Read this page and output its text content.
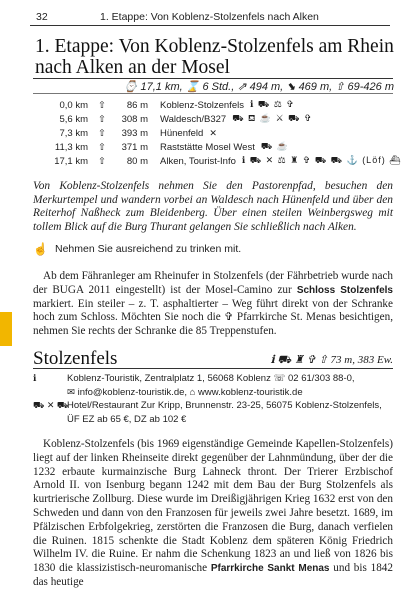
32	1. Etappe: Von Koblenz-Stolzenfels nach Alken
1. Etappe: Von Koblenz-Stolzenfels am Rhein
nach Alken an der Mosel
⌚ 17,1 km, ⌛ 6 Std., ⇗ 494 m, ⬊ 469 m, ⇧ 69-426 m
0,0 km	⇧	86 m	Koblenz-Stolzenfels ℹ ⛟ ⚖ ✞
5,6 km	⇧	308 m	Waldesch/B327 ⛟ ⛾ ☕ ⚔ ⛟ ✞
7,3 km	⇧	393 m	Hünenfeld ✕
11,3 km	⇧	371 m	Raststätte Mosel West ⛟ ☕
17,1 km	⇧	80 m	Alken, Tourist-Info ℹ ⛟ ✕ ⚖ ♜ ✞ ⛟ ⛟ ⚓ (Löf) ⛴
Von Koblenz-Stolzenfels nehmen Sie den Pastorenpfad, besuchen den Merkurtempel und wandern vorbei an Waldesch nach Hünenfeld und über den Reiterhof Naßheck zum Bleidenberg. Über einen steilen Weinbergsweg mit tollem Blick auf die Burg Thurant gelangen Sie schließlich nach Alken.
☝ Nehmen Sie ausreichend zu trinken mit.
Ab dem Fähranleger am Rheinufer in Stolzenfels (der Fährbetrieb wurde nach der BUGA 2011 eingestellt) ist der Mosel-Camino zur Schloss Stolzenfels markiert. Ein steiler – z. T. asphaltierter – Weg führt direkt von der Schranke hoch zum Schloss. Möchten Sie noch die ✞ Pfarrkirche St. Menas besichtigen, nehmen Sie rechts der Schranke die 85 Treppenstufen.
Stolzenfels	ℹ ⛟ ♜ ✞ ⇧ 73 m, 383 Ew.
ℹ	Koblenz-Touristik, Zentralplatz 1, 56068 Koblenz ☏ 02 61/303 88-0,
✉ info@koblenz-touristik.de, ⌂ www.koblenz-touristik.de
⛟ ✕ ⛟
Hotel/Restaurant Zur Kripp, Brunnenstr. 23-25, 56075 Koblenz-Stolzenfels,
ÜF EZ ab 65 €, DZ ab 102 €
Koblenz-Stolzenfels (bis 1969 eigenständige Gemeinde Kapellen-Stolzenfels) liegt auf der linken Rheinseite direkt gegenüber der Lahnmündung, über der die 1232 erbaute kurmainzische Burg Lahneck thront. Der Trierer Erzbischof Arnold II. von Isenburg begann 1242 mit dem Bau der Burg Stolzenfels als kurtrierische Zollburg. Diese wurde im Dreißigjährigen Krieg 1632 erst von den Schweden und dann von den Franzosen für jeweils zwei Jahre besetzt. 1689, im Pfälzischen Erbfolgekrieg, zerstörten die Franzosen die Burg, danach verfielen die Ruinen. 1815 schenkte die Stadt Koblenz dem späteren König Friedrich Wilhelm IV. die Ruine. Er nahm die Schenkung 1823 an und ließ von 1826 bis 1830 die klassizistisch-neuromanische Pfarrkirche Sankt Menas und bis 1842 das heutige
